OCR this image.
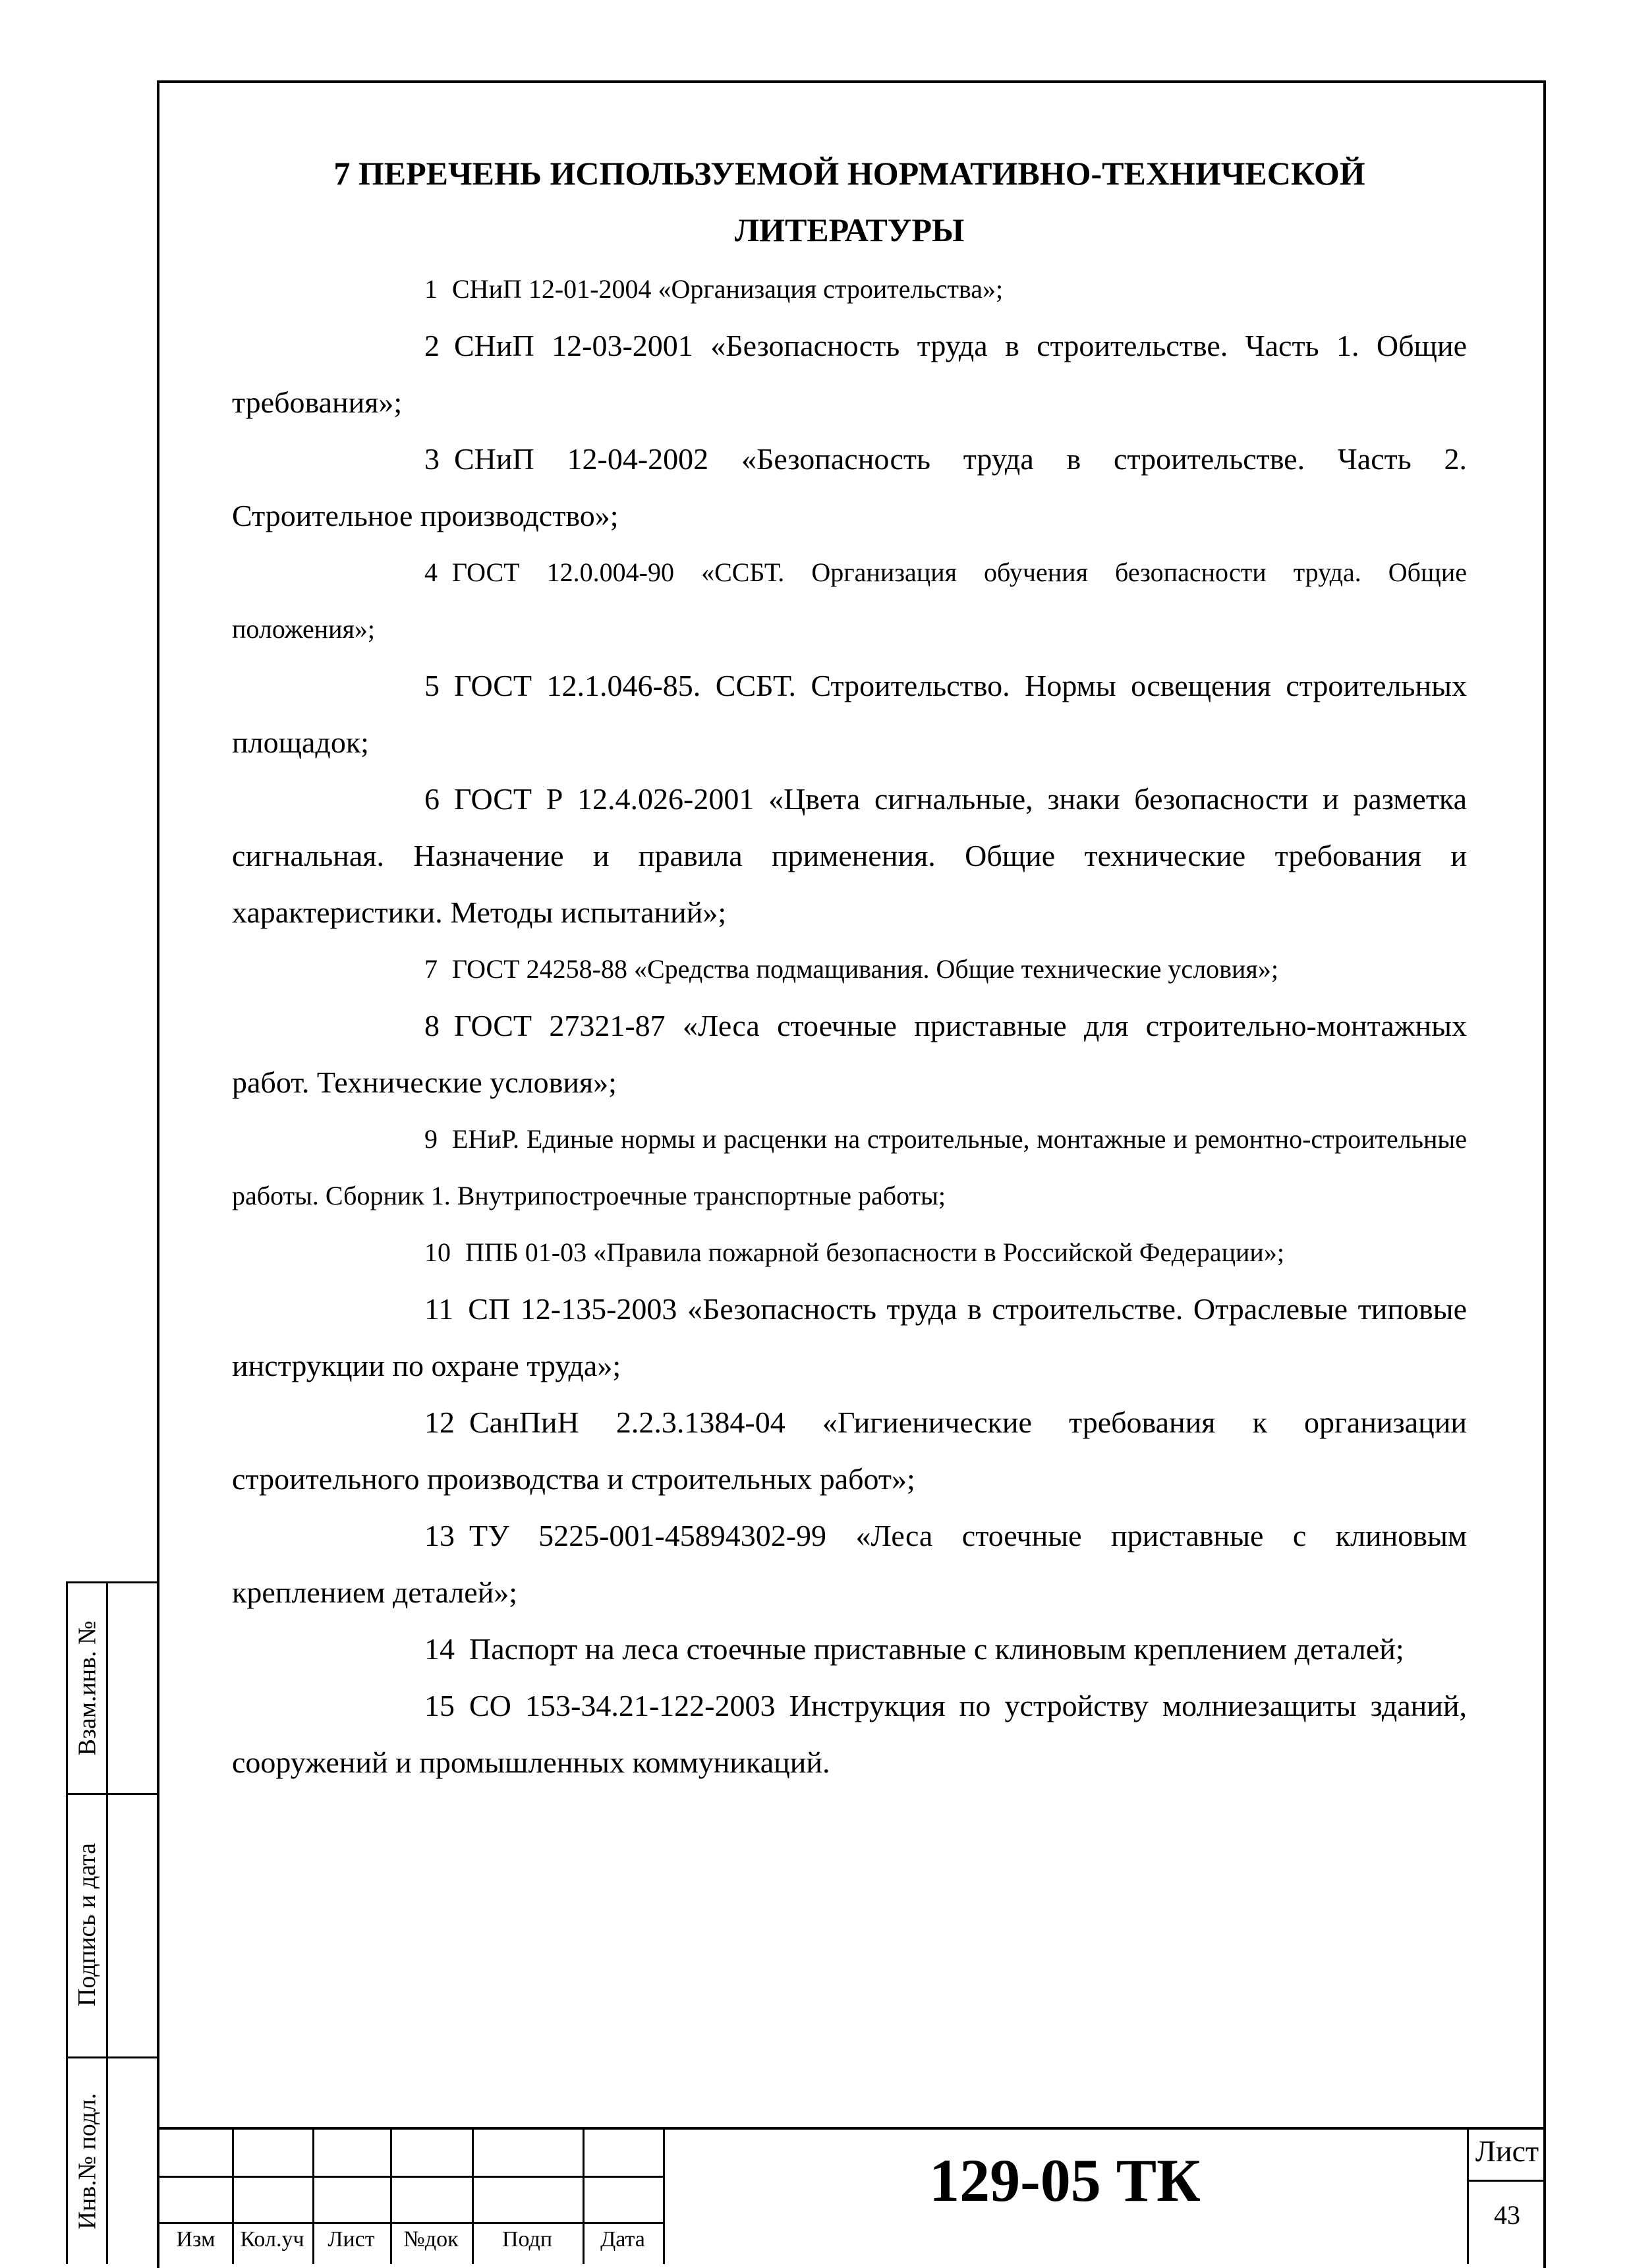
7 ПЕРЕЧЕНЬ ИСПОЛЬЗУЕМОЙ НОРМАТИВНО-ТЕХНИЧЕСКОЙ
ЛИТЕРАТУРЫ

1 СНиП 12-01-2004 «Организация строительства»;

2 СНиП 12-03-2001 «Безопасность труда в строительстве. Часть 1. Общие требования»;

3 СНиП 12-04-2002 «Безопасность труда в строительстве. Часть 2. Строительное производство»;

4 ГОСТ 12.0.004-90 «ССБТ. Организация обучения безопасности труда. Общие положения»;

5 ГОСТ 12.1.046-85. ССБТ. Строительство. Нормы освещения строительных площадок;

6 ГОСТ Р 12.4.026-2001 «Цвета сигнальные, знаки безопасности и разметка сигнальная. Назначение и правила применения. Общие технические требования и характеристики. Методы испытаний»;

7 ГОСТ 24258-88 «Средства подмащивания. Общие технические условия»;

8 ГОСТ 27321-87 «Леса стоечные приставные для строительно-монтажных работ. Технические условия»;

9 ЕНиР. Единые нормы и расценки на строительные, монтажные и ремонтно-строительные работы. Сборник 1. Внутрипостроечные транспортные работы;

10 ППБ 01-03 «Правила пожарной безопасности в Российской Федерации»;

11 СП 12-135-2003 «Безопасность труда в строительстве. Отраслевые типовые инструкции по охране труда»;

12 СанПиН 2.2.3.1384-04 «Гигиенические требования к организации строительного производства и строительных работ»;

13 ТУ 5225-001-45894302-99 «Леса стоечные приставные с клиновым креплением деталей»;

14 Паспорт на леса стоечные приставные с клиновым креплением деталей;

15 СО 153-34.21-122-2003 Инструкция по устройству молниезащиты зданий, сооружений и промышленных коммуникаций.

Взам.инв. №
Подпись и дата
Инв.№ подл.
Изм	Кол.уч	Лист	№док	Подп	Дата
129-05 ТК	Лист
43
